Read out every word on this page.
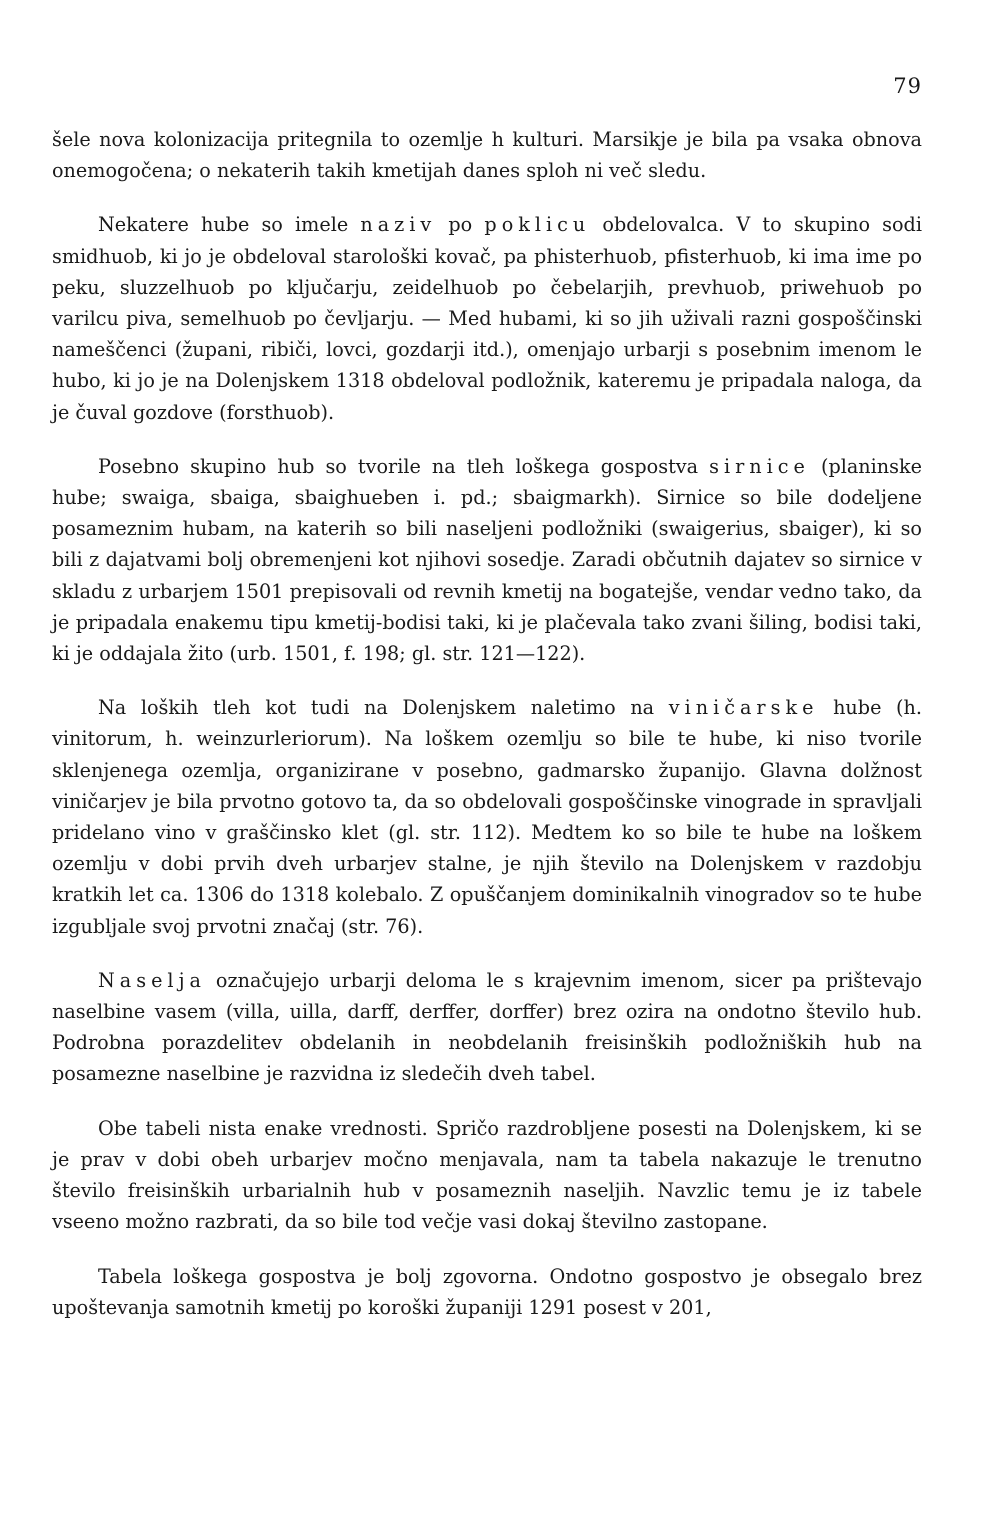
79

šele nova kolonizacija pritegnila to ozemlje h kulturi. Marsikje je bila pa vsaka obnova onemogočena; o nekaterih takih kmetijah danes sploh ni več sledu.

Nekatere hube so imele naziv po poklicu obdelovalca. V to skupino sodi smidhuob, ki jo je obdeloval starološki kovač, pa phisterhuob, pfisterhuob, ki ima ime po peku, sluzzelhuob po ključarju, zeidelhuob po čebelarjih, prevhuob, priwehuob po varilcu piva, semelhuob po čevljarju. — Med hubami, ki so jih uživali razni gospoščinski nameščenci (župani, ribiči, lovci, gozdarji itd.), omenjajo urbarji s posebnim imenom le hubo, ki jo je na Dolenjskem 1318 obdeloval podložnik, kateremu je pripadala naloga, da je čuval gozdove (forsthuob).

Posebno skupino hub so tvorile na tleh loškega gospostva sirnice (planinske hube; swaiga, sbaiga, sbaighueben i. pd.; sbaigmarkh). Sirnice so bile dodeljene posameznim hubam, na katerih so bili naseljeni podložniki (swaigerius, sbaiger), ki so bili z dajatvami bolj obremenjeni kot njihovi sosedje. Zaradi občutnih dajatev so sirnice v skladu z urbarjem 1501 prepisovali od revnih kmetij na bogatejše, vendar vedno tako, da je pripadala enakemu tipu kmetij-bodisi taki, ki je plačevala tako zvani šiling, bodisi taki, ki je oddajala žito (urb. 1501, f. 198; gl. str. 121—122).

Na loških tleh kot tudi na Dolenjskem naletimo na viničarske hube (h. vinitorum, h. weinzurleriorum). Na loškem ozemlju so bile te hube, ki niso tvorile sklenjenega ozemlja, organizirane v posebno, gadmarsko županijo. Glavna dolžnost viničarjev je bila prvotno gotovo ta, da so obdelovali gospoščinske vinograde in spravljali pridelano vino v graščinsko klet (gl. str. 112). Medtem ko so bile te hube na loškem ozemlju v dobi prvih dveh urbarjev stalne, je njih število na Dolenjskem v razdobju kratkih let ca. 1306 do 1318 kolebalo. Z opuščanjem dominikalnih vinogradov so te hube izgubljale svoj prvotni značaj (str. 76).

Naselja označujejo urbarji deloma le s krajevnim imenom, sicer pa prištevajo naselbine vasem (villa, uilla, darff, derffer, dorffer) brez ozira na ondotno število hub. Podrobna porazdelitev obdelanih in neobdelanih freisinških podložniških hub na posamezne naselbine je razvidna iz sledečih dveh tabel.

Obe tabeli nista enake vrednosti. Spričo razdrobljene posesti na Dolenjskem, ki se je prav v dobi obeh urbarjev močno menjavala, nam ta tabela nakazuje le trenutno število freisinških urbarialnih hub v posameznih naseljih. Navzlic temu je iz tabele vseeno možno razbrati, da so bile tod večje vasi dokaj številno zastopane.

Tabela loškega gospostva je bolj zgovorna. Ondotno gospostvo je obsegalo brez upoštevanja samotnih kmetij po koroški županiji 1291 posest v 201,
